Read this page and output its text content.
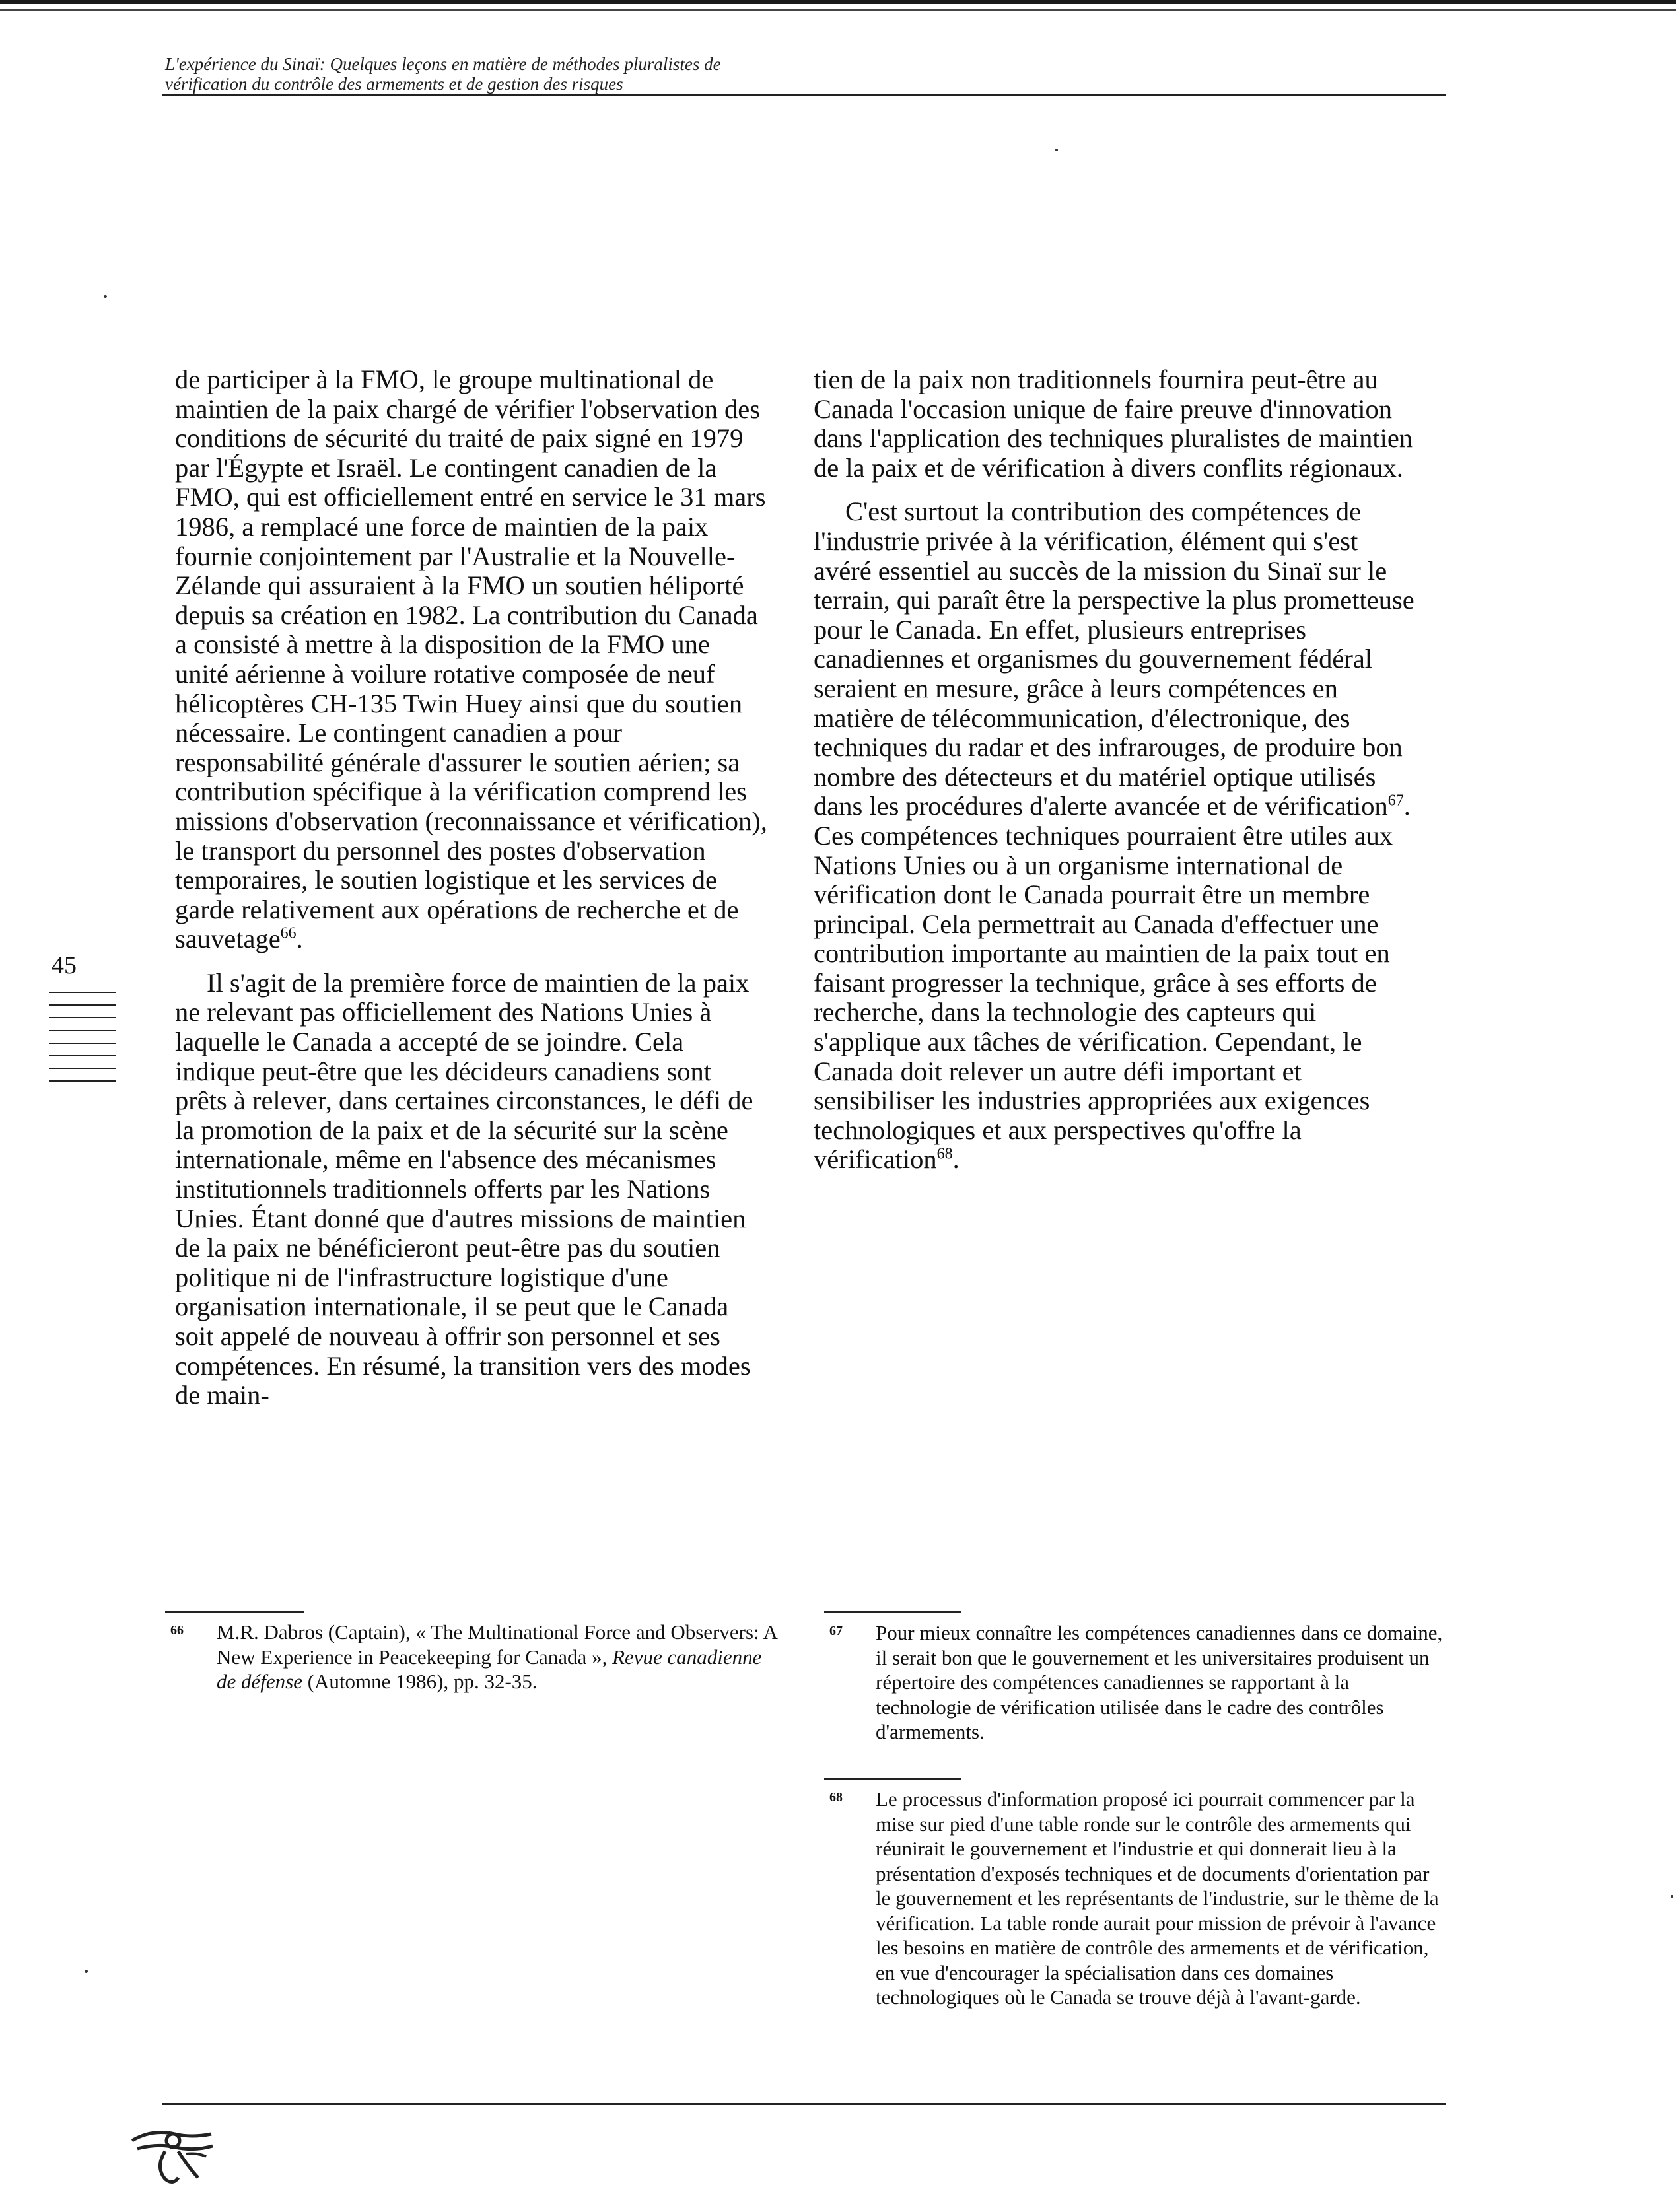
L'expérience du Sinaï: Quelques leçons en matière de méthodes pluralistes de
vérification du contrôle des armements et de gestion des risques

de participer à la FMO, le groupe multinational de maintien de la paix chargé de vérifier l'observation des conditions de sécurité du traité de paix signé en 1979 par l'Égypte et Israël. Le contingent canadien de la FMO, qui est officiellement entré en service le 31 mars 1986, a remplacé une force de maintien de la paix fournie conjointement par l'Australie et la Nouvelle-Zélande qui assuraient à la FMO un soutien héliporté depuis sa création en 1982. La contribution du Canada a consisté à mettre à la disposition de la FMO une unité aérienne à voilure rotative composée de neuf hélicoptères CH-135 Twin Huey ainsi que du soutien nécessaire. Le contingent canadien a pour responsabilité générale d'assurer le soutien aérien; sa contribution spécifique à la vérification comprend les missions d'observation (reconnaissance et vérification), le transport du personnel des postes d'observation temporaires, le soutien logistique et les services de garde relativement aux opérations de recherche et de sauvetage$^{66}$.

Il s'agit de la première force de maintien de la paix ne relevant pas officiellement des Nations Unies à laquelle le Canada a accepté de se joindre. Cela indique peut-être que les décideurs canadiens sont prêts à relever, dans certaines circonstances, le défi de la promotion de la paix et de la sécurité sur la scène internationale, même en l'absence des mécanismes institutionnels traditionnels offerts par les Nations Unies. Étant donné que d'autres missions de maintien de la paix ne bénéficieront peut-être pas du soutien politique ni de l'infrastructure logistique d'une organisation internationale, il se peut que le Canada soit appelé de nouveau à offrir son personnel et ses compétences. En résumé, la transition vers des modes de main-

tien de la paix non traditionnels fournira peut-être au Canada l'occasion unique de faire preuve d'innovation dans l'application des techniques pluralistes de maintien de la paix et de vérification à divers conflits régionaux.

C'est surtout la contribution des compétences de l'industrie privée à la vérification, élément qui s'est avéré essentiel au succès de la mission du Sinaï sur le terrain, qui paraît être la perspective la plus prometteuse pour le Canada. En effet, plusieurs entreprises canadiennes et organismes du gouvernement fédéral seraient en mesure, grâce à leurs compétences en matière de télécommunication, d'électronique, des techniques du radar et des infrarouges, de produire bon nombre des détecteurs et du matériel optique utilisés dans les procédures d'alerte avancée et de vérification$^{67}$. Ces compétences techniques pourraient être utiles aux Nations Unies ou à un organisme international de vérification dont le Canada pourrait être un membre principal. Cela permettrait au Canada d'effectuer une contribution importante au maintien de la paix tout en faisant progresser la technique, grâce à ses efforts de recherche, dans la technologie des capteurs qui s'applique aux tâches de vérification. Cependant, le Canada doit relever un autre défi important et sensibiliser les industries appropriées aux exigences technologiques et aux perspectives qu'offre la vérification$^{68}$.

45
66 M.R. Dabros (Captain), « The Multinational Force and Observers: A New Experience in Peacekeeping for Canada », Revue canadienne de défense (Automne 1986), pp. 32-35.
67 Pour mieux connaître les compétences canadiennes dans ce domaine, il serait bon que le gouvernement et les universitaires produisent un répertoire des compétences canadiennes se rapportant à la technologie de vérification utilisée dans le cadre des contrôles d'armements.
68 Le processus d'information proposé ici pourrait commencer par la mise sur pied d'une table ronde sur le contrôle des armements qui réunirait le gouvernement et l'industrie et qui donnerait lieu à la présentation d'exposés techniques et de documents d'orientation par le gouvernement et les représentants de l'industrie, sur le thème de la vérification. La table ronde aurait pour mission de prévoir à l'avance les besoins en matière de contrôle des armements et de vérification, en vue d'encourager la spécialisation dans ces domaines technologiques où le Canada se trouve déjà à l'avant-garde.
